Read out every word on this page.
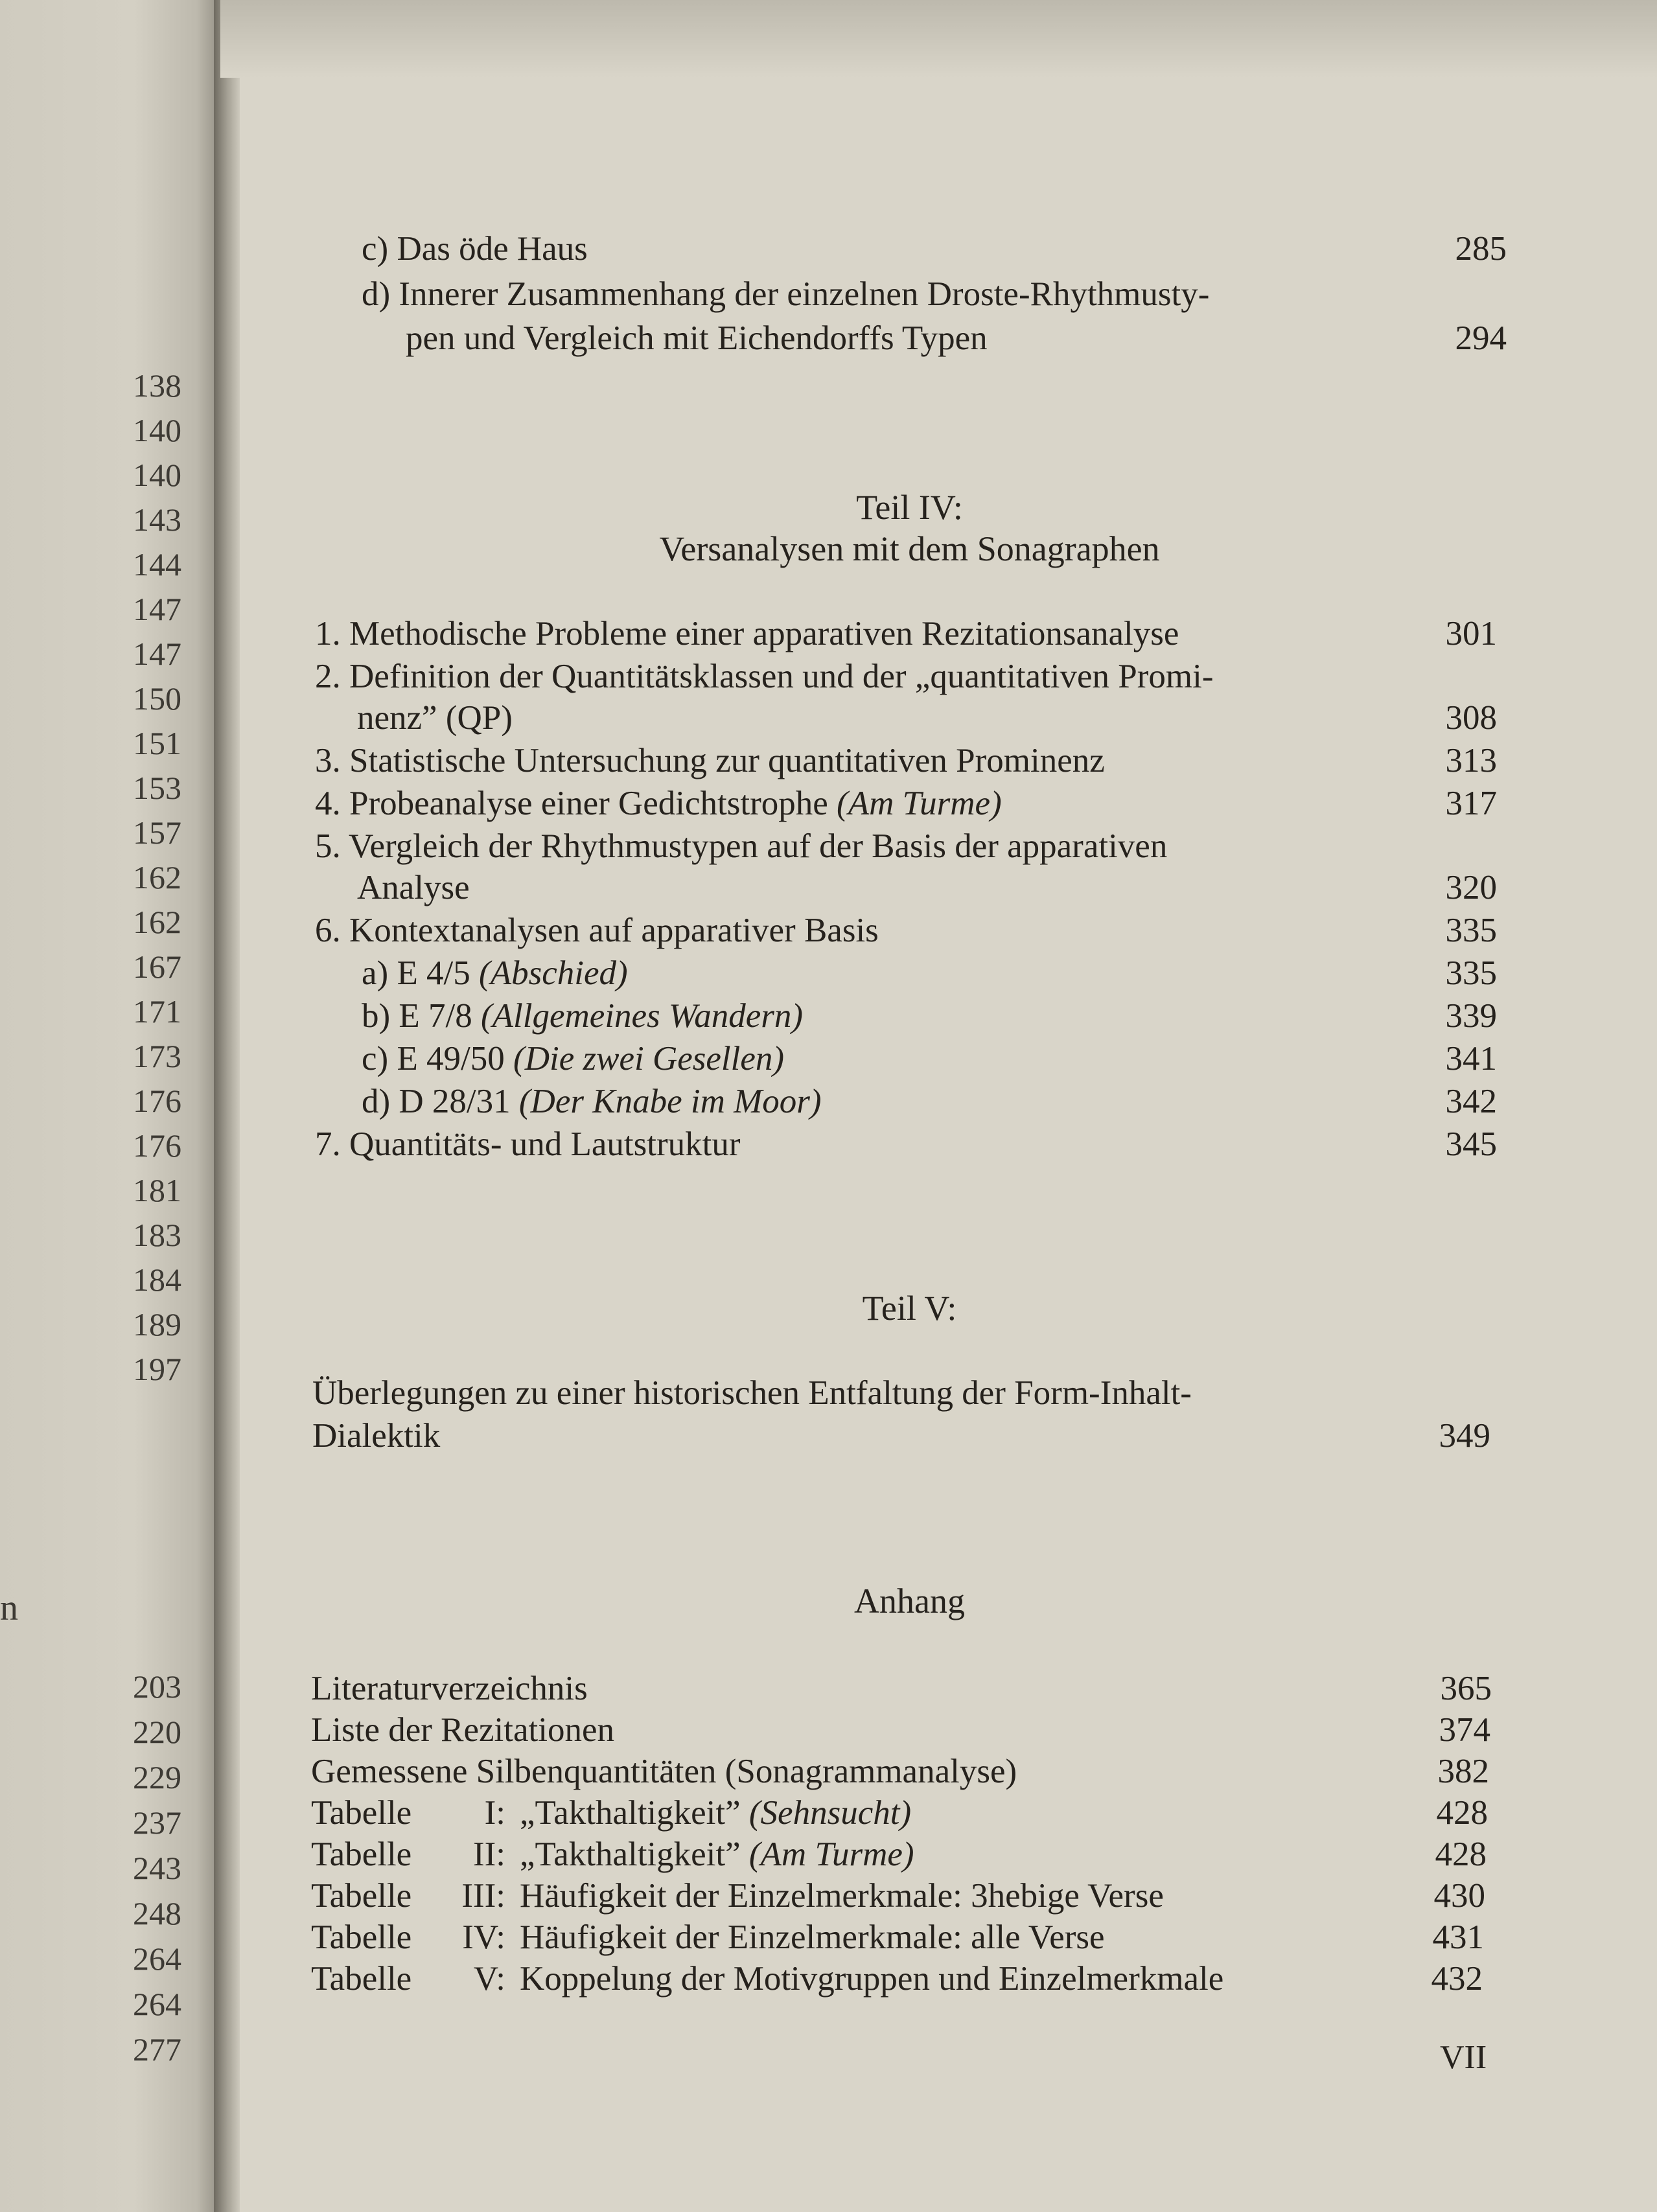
138
140
140
143
144
147
147
150
151
153
157
162
162
167
171
173
176
176
181
183
184
189
197
203
220
229
237
243
248
264
264
277
n
c) Das öde Haus	285
d) Innerer Zusammenhang der einzelnen Droste-Rhythmusty-
pen und Vergleich mit Eichendorffs Typen	294
Teil IV:
Versanalysen mit dem Sonagraphen
1. Methodische Probleme einer apparativen Rezitationsanalyse	301
2. Definition der Quantitätsklassen und der „quantitativen Promi-
nenz” (QP)	308
3. Statistische Untersuchung zur quantitativen Prominenz	313
4. Probeanalyse einer Gedichtstrophe (Am Turme)	317
5. Vergleich der Rhythmustypen auf der Basis der apparativen
Analyse	320
6. Kontextanalysen auf apparativer Basis	335
a) E 4/5 (Abschied)	335
b) E 7/8 (Allgemeines Wandern)	339
c) E 49/50 (Die zwei Gesellen)	341
d) D 28/31 (Der Knabe im Moor)	342
7. Quantitäts- und Lautstruktur	345
Teil V:
Überlegungen zu einer historischen Entfaltung der Form-Inhalt-
Dialektik	349
Anhang
Literaturverzeichnis	365
Liste der Rezitationen	374
Gemessene Silbenquantitäten (Sonagrammanalyse)	382
Tabelle	I: „Takthaltigkeit” (Sehnsucht)	428
Tabelle	II: „Takthaltigkeit” (Am Turme)	428
Tabelle	III: Häufigkeit der Einzelmerkmale: 3hebige Verse	430
Tabelle	IV: Häufigkeit der Einzelmerkmale: alle Verse	431
Tabelle	V: Koppelung der Motivgruppen und Einzelmerkmale	432
VII
